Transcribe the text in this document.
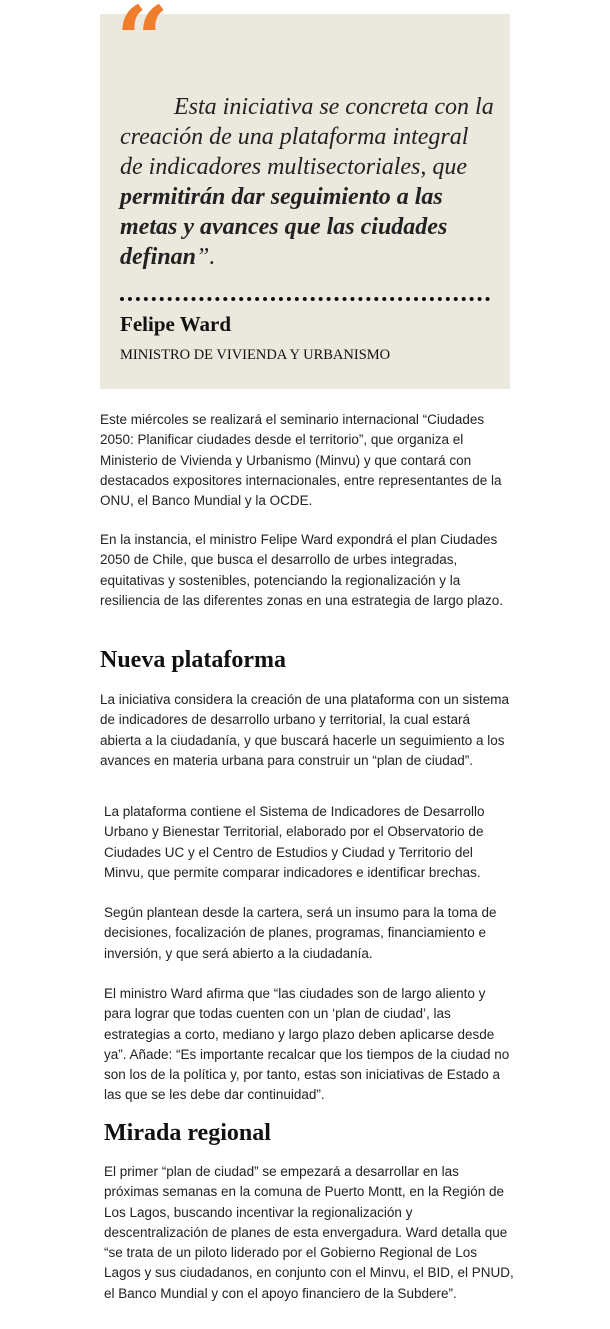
“

Esta iniciativa se concreta con la creación de una plataforma integral de indicadores multisectoriales, que permitirán dar seguimiento a las metas y avances que las ciudades definan”.

Felipe Ward

MINISTRO DE VIVIENDA Y URBANISMO

Este miércoles se realizará el seminario internacional “Ciudades 2050: Planificar ciudades desde el territorio”, que organiza el Ministerio de Vivienda y Urbanismo (Minvu) y que contará con destacados expositores internacionales, entre representantes de la ONU, el Banco Mundial y la OCDE.

En la instancia, el ministro Felipe Ward expondrá el plan Ciudades 2050 de Chile, que busca el desarrollo de urbes integradas, equitativas y sostenibles, potenciando la regionalización y la resiliencia de las diferentes zonas en una estrategia de largo plazo.

Nueva plataforma

La iniciativa considera la creación de una plataforma con un sistema de indicadores de desarrollo urbano y territorial, la cual estará abierta a la ciudadanía, y que buscará hacerle un seguimiento a los avances en materia urbana para construir un “plan de ciudad”.

La plataforma contiene el Sistema de Indicadores de Desarrollo Urbano y Bienestar Territorial, elaborado por el Observatorio de Ciudades UC y el Centro de Estudios y Ciudad y Territorio del Minvu, que permite comparar indicadores e identificar brechas.

Según plantean desde la cartera, será un insumo para la toma de decisiones, focalización de planes, programas, financiamiento e inversión, y que será abierto a la ciudadanía.

El ministro Ward afirma que “las ciudades son de largo aliento y para lograr que todas cuenten con un ‘plan de ciudad’, las estrategias a corto, mediano y largo plazo deben aplicarse desde ya”. Añade: “Es importante recalcar que los tiempos de la ciudad no son los de la política y, por tanto, estas son iniciativas de Estado a las que se les debe dar continuidad”.

Mirada regional

El primer “plan de ciudad” se empezará a desarrollar en las próximas semanas en la comuna de Puerto Montt, en la Región de Los Lagos, buscando incentivar la regionalización y descentralización de planes de esta envergadura. Ward detalla que “se trata de un piloto liderado por el Gobierno Regional de Los Lagos y sus ciudadanos, en conjunto con el Minvu, el BID, el PNUD, el Banco Mundial y con el apoyo financiero de la Subdere”.
